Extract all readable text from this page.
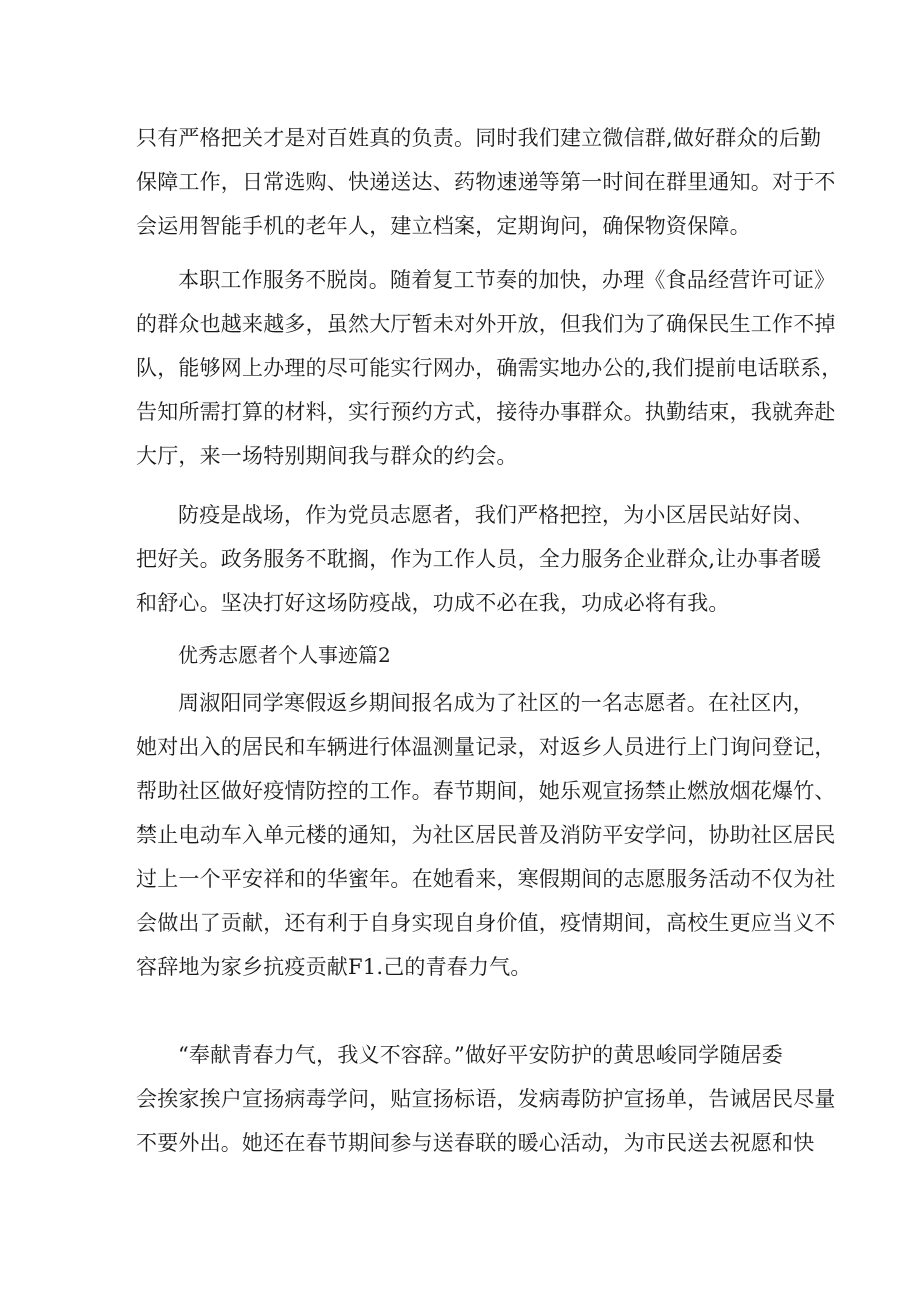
只有严格把关才是对百姓真的负责。同时我们建立微信群,做好群众的后勤
保障工作，日常选购、快递送达、药物速递等第一时间在群里通知。对于不
会运用智能手机的老年人，建立档案，定期询问，确保物资保障。
本职工作服务不脱岗。随着复工节奏的加快，办理《食品经营许可证》
的群众也越来越多，虽然大厅暂未对外开放，但我们为了确保民生工作不掉
队，能够网上办理的尽可能实行网办，确需实地办公的,我们提前电话联系，
告知所需打算的材料，实行预约方式，接待办事群众。执勤结束，我就奔赴
大厅，来一场特别期间我与群众的约会。
防疫是战场，作为党员志愿者，我们严格把控，为小区居民站好岗、
把好关。政务服务不耽搁，作为工作人员，全力服务企业群众,让办事者暖
和舒心。坚决打好这场防疫战，功成不必在我，功成必将有我。
优秀志愿者个人事迹篇2
周淑阳同学寒假返乡期间报名成为了社区的一名志愿者。在社区内，
她对出入的居民和车辆进行体温测量记录，对返乡人员进行上门询问登记，
帮助社区做好疫情防控的工作。春节期间，她乐观宣扬禁止燃放烟花爆竹、
禁止电动车入单元楼的通知，为社区居民普及消防平安学问，协助社区居民
过上一个平安祥和的华蜜年。在她看来，寒假期间的志愿服务活动不仅为社
会做出了贡献，还有利于自身实现自身价值，疫情期间，高校生更应当义不
容辞地为家乡抗疫贡献F1.己的青春力气。
“奉献青春力气，我义不容辞。”做好平安防护的黄思峻同学随居委
会挨家挨户宣扬病毒学问，贴宣扬标语，发病毒防护宣扬单，告诫居民尽量
不要外出。她还在春节期间参与送春联的暖心活动，为市民送去祝愿和快
